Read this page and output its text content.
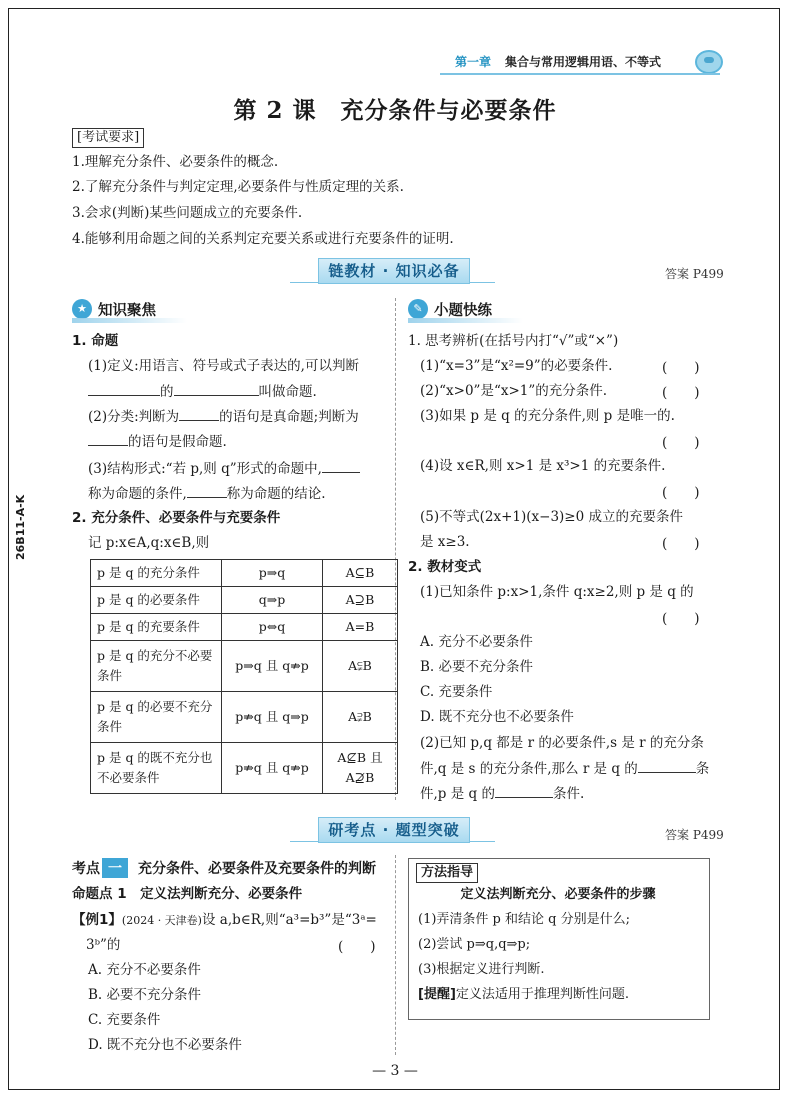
第一章 集合与常用逻辑用语、不等式
26B11-A-K
第 2 课　充分条件与必要条件
[考试要求]
1.理解充分条件、必要条件的概念.
2.了解充分条件与判定定理,必要条件与性质定理的关系.
3.会求(判断)某些问题成立的充要条件.
4.能够利用命题之间的关系判定充要关系或进行充要条件的证明.
链教材 · 知识必备	答案 P499
★ 知识聚焦
1. 命题
(1)定义:用语言、符号或式子表达的,可以判断
的	叫做命题.
(2)分类:判断为	的语句是真命题;判断为
的语句是假命题.
(3)结构形式:“若 p,则 q”形式的命题中,
称为命题的条件,	称为命题的结论.
2. 充分条件、必要条件与充要条件
记 p:x∈A,q:x∈B,则
p 是 q 的充分条件	p⇒q	A⊆B
p 是 q 的必要条件	q⇒p	A⊇B
p 是 q 的充要条件	p⇔q	A=B
p 是 q 的充分不必要条件	p⇒q 且 q⇏p	A⫋B
p 是 q 的必要不充分条件	p⇏q 且 q⇒p	A⫌B
p 是 q 的既不充分也不必要条件	p⇏q 且 q⇏p	A⊈B 且 A⊉B
✎ 小题快练
1. 思考辨析(在括号内打“√”或“×”)
(1)“x=3”是“x²=9”的必要条件.	(　　)
(2)“x>0”是“x>1”的充分条件.	(　　)
(3)如果 p 是 q 的充分条件,则 p 是唯一的.
(　　)
(4)设 x∈R,则 x>1 是 x³>1 的充要条件.
(　　)
(5)不等式(2x+1)(x−3)≥0 成立的充要条件
是 x≥3.	(　　)
2. 教材变式
(1)已知条件 p:x>1,条件 q:x≥2,则 p 是 q 的
(　　)
A. 充分不必要条件
B. 必要不充分条件
C. 充要条件
D. 既不充分也不必要条件
(2)已知 p,q 都是 r 的必要条件,s 是 r 的充分条
件,q 是 s 的充分条件,那么 r 是 q 的	条
件,p 是 q 的	条件.
研考点 · 题型突破	答案 P499
考点 一 充分条件、必要条件及充要条件的判断
命题点 1　定义法判断充分、必要条件
【例1】(2024 · 天津卷)设 a,b∈R,则“a³=b³”是“3ᵃ=
3ᵇ”的	(　　)
A. 充分不必要条件
B. 必要不充分条件
C. 充要条件
D. 既不充分也不必要条件
方法指导
定义法判断充分、必要条件的步骤
(1)弄清条件 p 和结论 q 分别是什么;
(2)尝试 p⇒q,q⇒p;
(3)根据定义进行判断.
[提醒]定义法适用于推理判断性问题.
— 3 —
